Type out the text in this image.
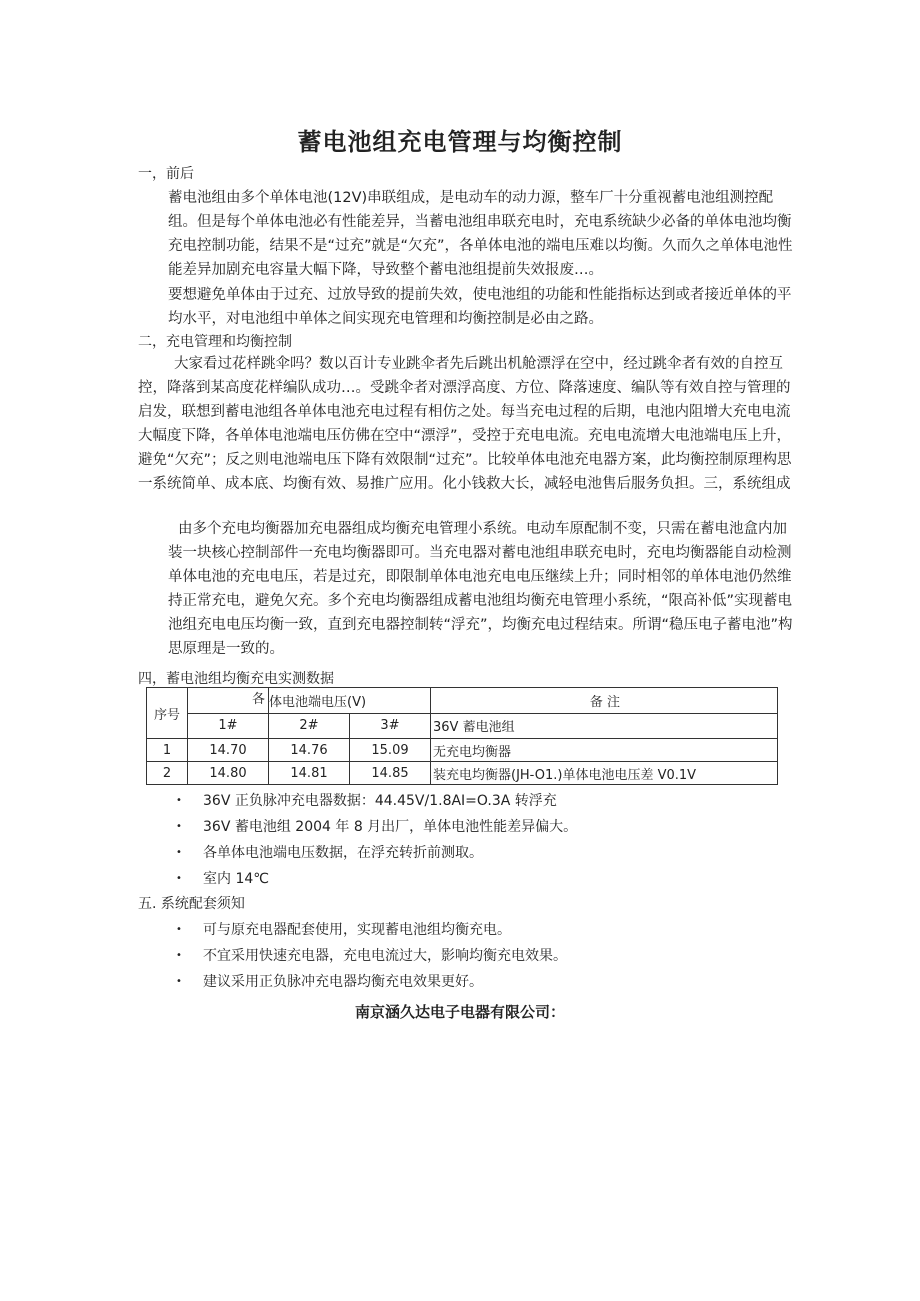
蓄电池组充电管理与均衡控制
一，前后
蓄电池组由多个单体电池(12V)串联组成，是电动车的动力源，整车厂十分重视蓄电池组测控配组。但是每个单体电池必有性能差异，当蓄电池组串联充电时，充电系统缺少必备的单体电池均衡充电控制功能，结果不是“过充”就是“欠充”，各单体电池的端电压难以均衡。久而久之单体电池性能差异加剧充电容量大幅下降，导致整个蓄电池组提前失效报废…。
要想避免单体由于过充、过放导致的提前失效，使电池组的功能和性能指标达到或者接近单体的平均水平，对电池组中单体之间实现充电管理和均衡控制是必由之路。
二，充电管理和均衡控制
大家看过花样跳伞吗？数以百计专业跳伞者先后跳出机舱漂浮在空中，经过跳伞者有效的自控互控，降落到某高度花样编队成功…。受跳伞者对漂浮高度、方位、降落速度、编队等有效自控与管理的启发，联想到蓄电池组各单体电池充电过程有相仿之处。每当充电过程的后期，电池内阻增大充电电流大幅度下降，各单体电池端电压仿佛在空中“漂浮”，受控于充电电流。充电电流增大电池端电压上升，避免“欠充”；反之则电池端电压下降有效限制“过充”。比较单体电池充电器方案，此均衡控制原理构思一系统简单、成本底、均衡有效、易推广应用。化小钱救大长，减轻电池售后服务负担。三，系统组成
由多个充电均衡器加充电器组成均衡充电管理小系统。电动车原配制不变，只需在蓄电池盒内加装一块核心控制部件一充电均衡器即可。当充电器对蓄电池组串联充电时，充电均衡器能自动检测单体电池的充电电压，若是过充，即限制单体电池充电电压继续上升；同时相邻的单体电池仍然维持正常充电，避免欠充。多个充电均衡器组成蓄电池组均衡充电管理小系统，“限高补低”实现蓄电池组充电电压均衡一致，直到充电器控制转“浮充”，均衡充电过程结束。所谓“稳压电子蓄电池”构思原理是一致的。
四，蓄电池组均衡充电实测数据
序号	各	体电池端电压(V)		备 注
	1#	2#	3#	36V 蓄电池组
1	14.70	14.76	15.09	无充电均衡器
2	14.80	14.81	14.85	装充电均衡器(JH-O1.)单体电池电压差 V0.1V
•	36V 正负脉冲充电器数据：44.45V/1.8AI=O.3A 转浮充
•	36V 蓄电池组 2004 年 8 月出厂，单体电池性能差异偏大。
•	各单体电池端电压数据，在浮充转折前测取。
•	室内 14℃
五. 系统配套须知
•	可与原充电器配套使用，实现蓄电池组均衡充电。
•	不宜采用快速充电器，充电电流过大，影响均衡充电效果。
•	建议采用正负脉冲充电器均衡充电效果更好。
南京涵久达电子电器有限公司：
